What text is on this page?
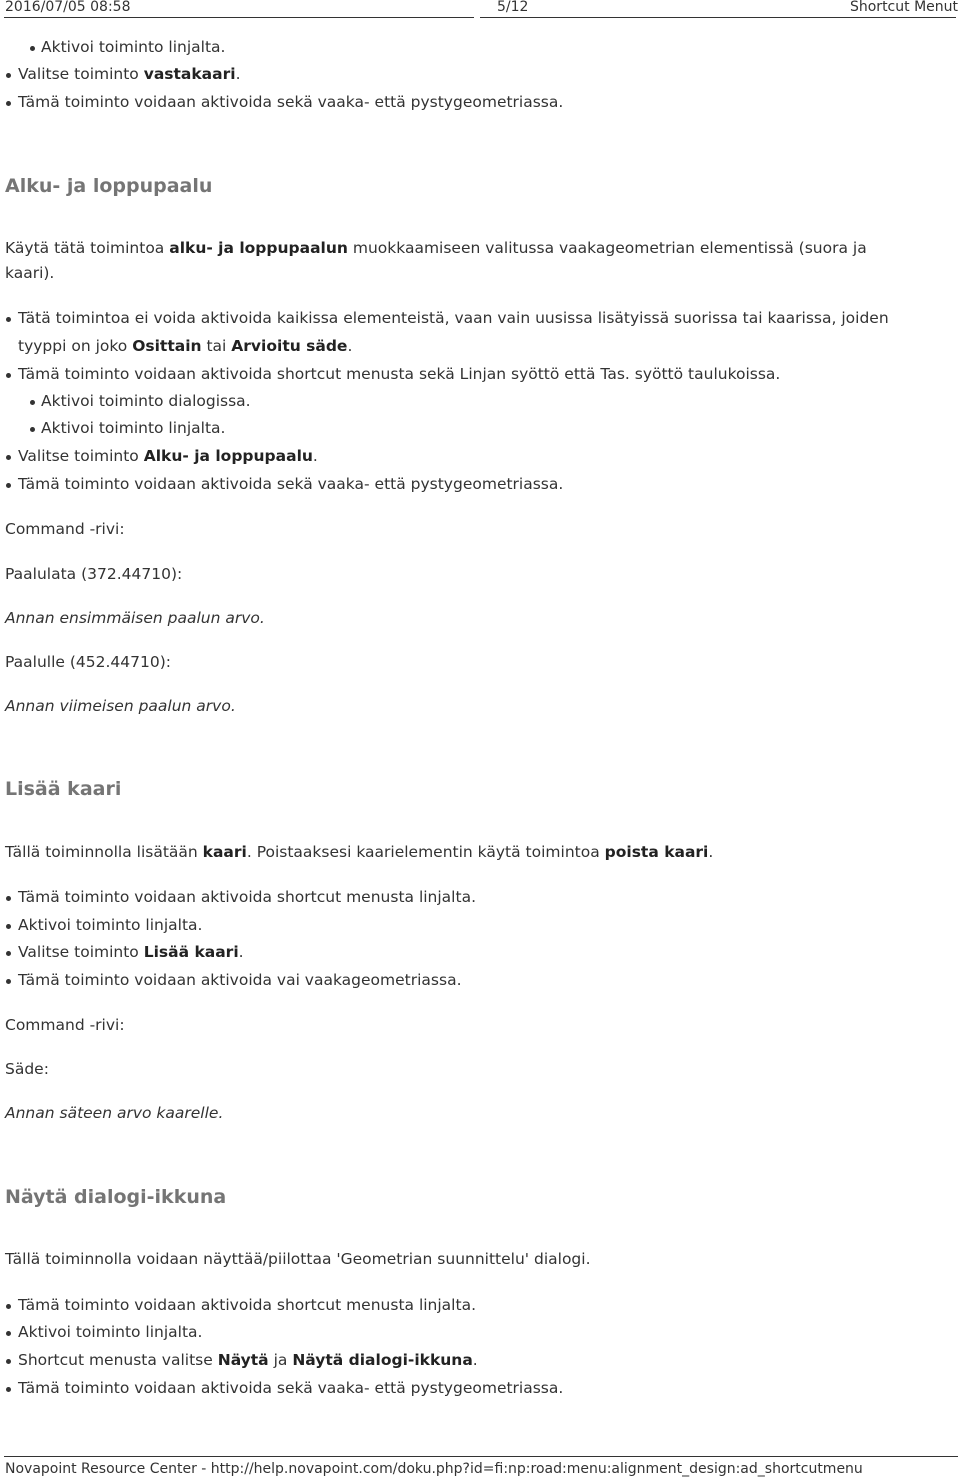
2016/07/05 08:58	5/12	Shortcut Menut
Aktivoi toiminto linjalta.
Valitse toiminto vastakaari.
Tämä toiminto voidaan aktivoida sekä vaaka- että pystygeometriassa.
Alku- ja loppupaalu
Käytä tätä toimintoa alku- ja loppupaalun muokkaamiseen valitussa vaakageometrian elementissä (suora ja
kaari).
Tätä toimintoa ei voida aktivoida kaikissa elementeistä, vaan vain uusissa lisätyissä suorissa tai kaarissa, joiden
tyyppi on joko Osittain tai Arvioitu säde.
Tämä toiminto voidaan aktivoida shortcut menusta sekä Linjan syöttö että Tas. syöttö taulukoissa.
Aktivoi toiminto dialogissa.
Aktivoi toiminto linjalta.
Valitse toiminto Alku- ja loppupaalu.
Tämä toiminto voidaan aktivoida sekä vaaka- että pystygeometriassa.
Command -rivi:
Paalulata (372.44710):
Annan ensimmäisen paalun arvo.
Paalulle (452.44710):
Annan viimeisen paalun arvo.
Lisää kaari
Tällä toiminnolla lisätään kaari. Poistaaksesi kaarielementin käytä toimintoa poista kaari.
Tämä toiminto voidaan aktivoida shortcut menusta linjalta.
Aktivoi toiminto linjalta.
Valitse toiminto Lisää kaari.
Tämä toiminto voidaan aktivoida vai vaakageometriassa.
Command -rivi:
Säde:
Annan säteen arvo kaarelle.
Näytä dialogi-ikkuna
Tällä toiminnolla voidaan näyttää/piilottaa 'Geometrian suunnittelu' dialogi.
Tämä toiminto voidaan aktivoida shortcut menusta linjalta.
Aktivoi toiminto linjalta.
Shortcut menusta valitse Näytä ja Näytä dialogi-ikkuna.
Tämä toiminto voidaan aktivoida sekä vaaka- että pystygeometriassa.
Novapoint Resource Center - http://help.novapoint.com/doku.php?id=fi:np:road:menu:alignment_design:ad_shortcutmenu
